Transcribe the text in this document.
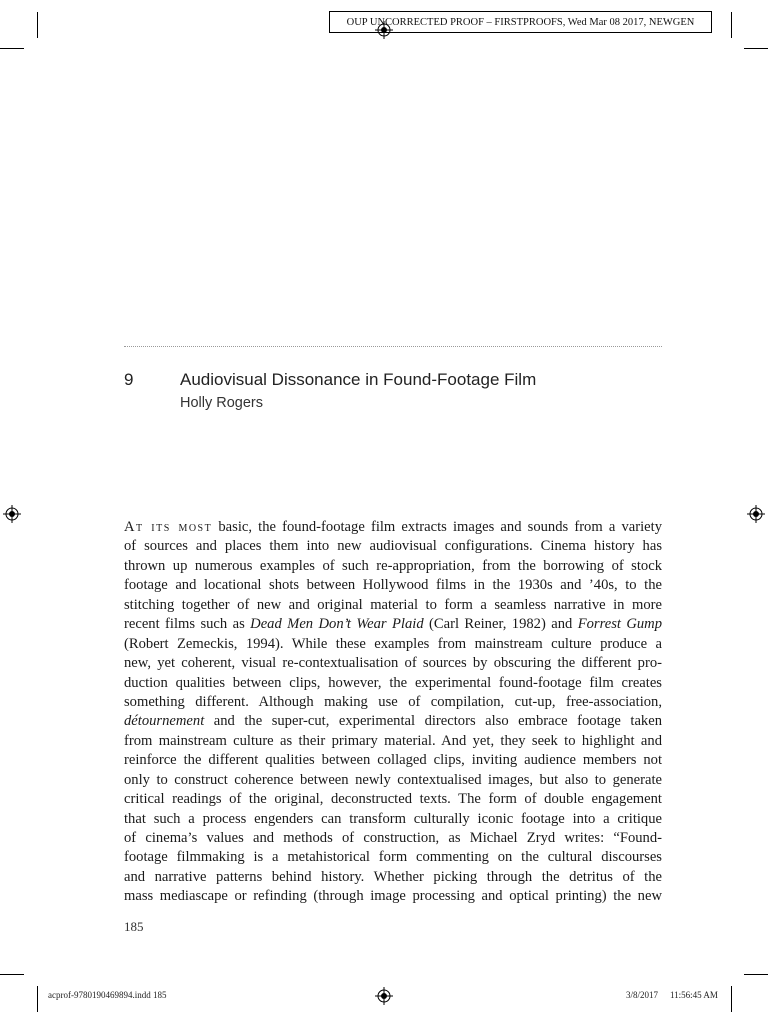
OUP UNCORRECTED PROOF – FIRSTPROOFS, Wed Mar 08 2017, NEWGEN
9	Audiovisual Dissonance in Found-Footage Film
Holly Rogers
At its most basic, the found-footage film extracts images and sounds from a variety
of sources and places them into new audiovisual configurations. Cinema history has
thrown up numerous examples of such re-appropriation, from the borrowing of stock
footage and locational shots between Hollywood films in the 1930s and ’40s, to the
stitching together of new and original material to form a seamless narrative in more
recent films such as Dead Men Don’t Wear Plaid (Carl Reiner, 1982) and Forrest Gump
(Robert Zemeckis, 1994). While these examples from mainstream culture produce a
new, yet coherent, visual re-contextualisation of sources by obscuring the different pro-
duction qualities between clips, however, the experimental found-footage film creates
something different. Although making use of compilation, cut-up, free-association,
détournement and the super-cut, experimental directors also embrace footage taken
from mainstream culture as their primary material. And yet, they seek to highlight and
reinforce the different qualities between collaged clips, inviting audience members not
only to construct coherence between newly contextualised images, but also to generate
critical readings of the original, deconstructed texts. The form of double engagement
that such a process engenders can transform culturally iconic footage into a critique
of cinema’s values and methods of construction, as Michael Zryd writes: “Found-
footage filmmaking is a metahistorical form commenting on the cultural discourses
and narrative patterns behind history. Whether picking through the detritus of the
mass mediascape or refinding (through image processing and optical printing) the new
185
acprof-9780190469894.indd 185	3/8/2017 11:56:45 AM
